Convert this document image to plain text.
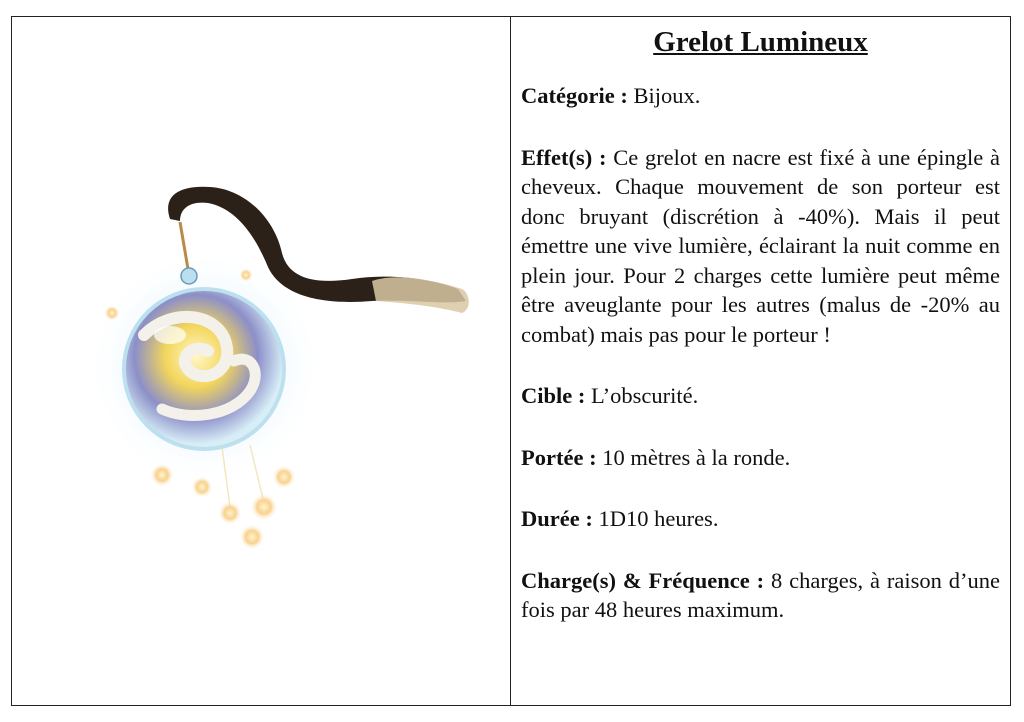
Grelot Lumineux
Catégorie : Bijoux.
Effet(s) : Ce grelot en nacre est fixé à une épingle à cheveux. Chaque mouvement de son porteur est donc bruyant (discrétion à -40%). Mais il peut émettre une vive lumière, éclairant la nuit comme en plein jour. Pour 2 charges cette lumière peut même être aveuglante pour les autres (malus de -20% au combat) mais pas pour le porteur !
Cible : L’obscurité.
Portée : 10 mètres à la ronde.
Durée : 1D10 heures.
Charge(s) & Fréquence : 8 charges, à raison d’une fois par 48 heures maximum.
